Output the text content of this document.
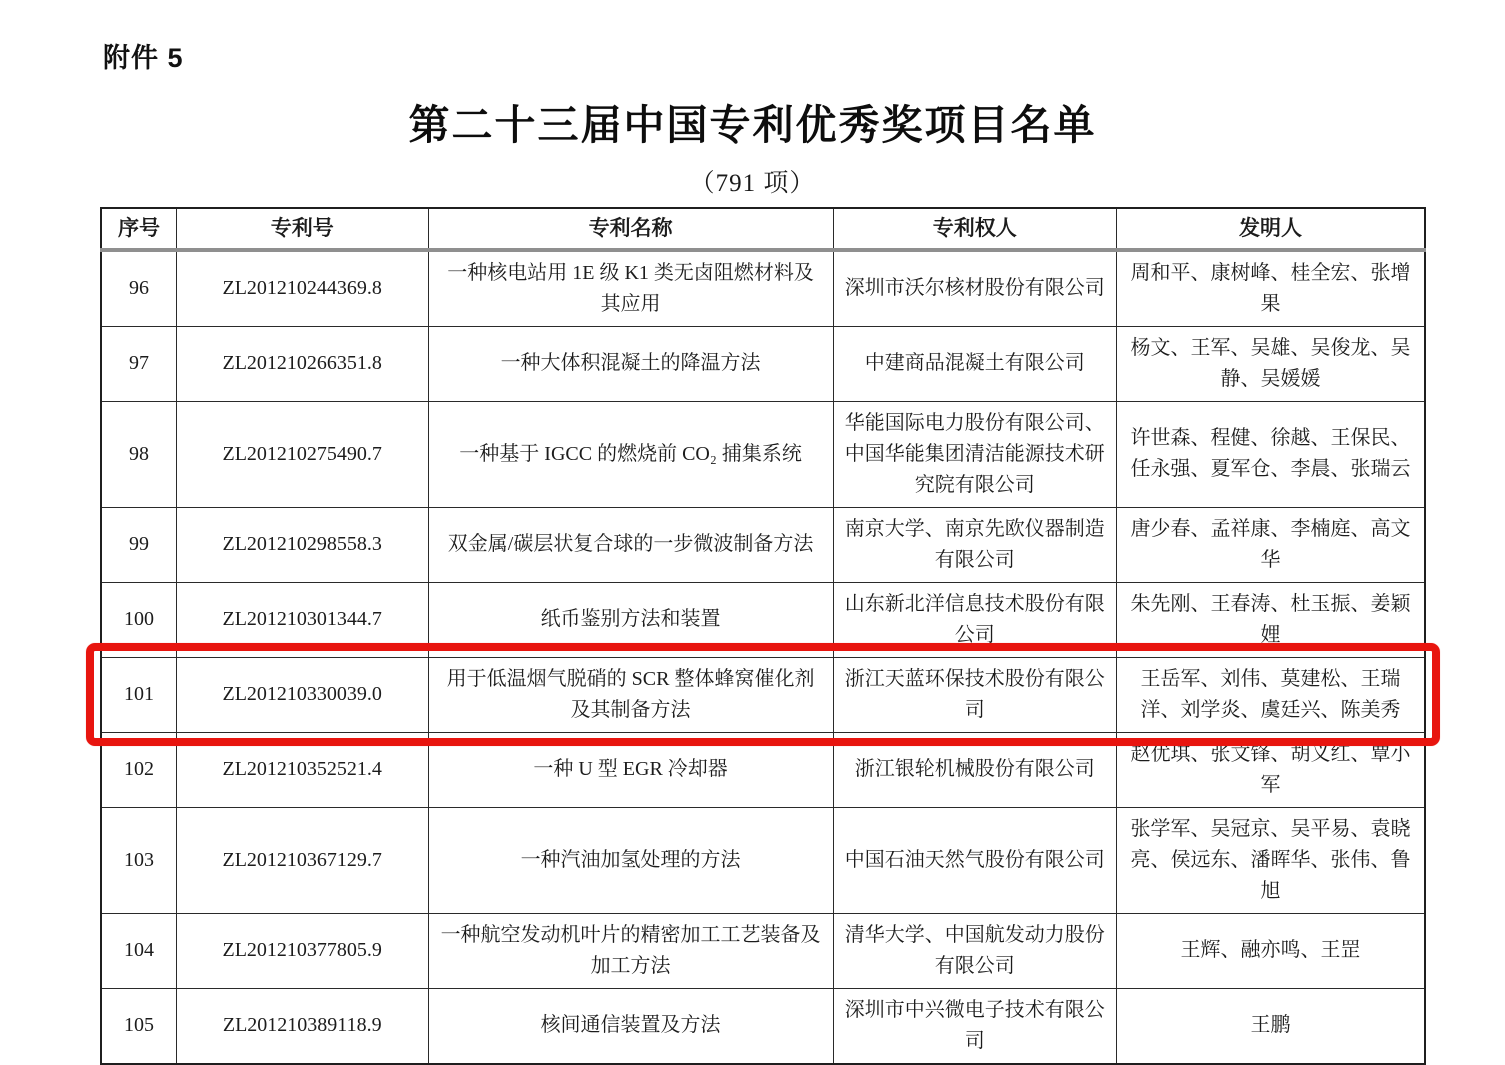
附件 5
第二十三届中国专利优秀奖项目名单
（791 项）
序号	专利号	专利名称	专利权人	发明人
96	ZL201210244369.8	一种核电站用 1E 级 K1 类无卤阻燃材料及其应用	深圳市沃尔核材股份有限公司	周和平、康树峰、桂全宏、张增果
97	ZL201210266351.8	一种大体积混凝土的降温方法	中建商品混凝土有限公司	杨文、王军、吴雄、吴俊龙、吴静、吴媛媛
98	ZL201210275490.7	一种基于 IGCC 的燃烧前 CO₂ 捕集系统	华能国际电力股份有限公司、中国华能集团清洁能源技术研究院有限公司	许世森、程健、徐越、王保民、任永强、夏军仓、李晨、张瑞云
99	ZL201210298558.3	双金属/碳层状复合球的一步微波制备方法	南京大学、南京先欧仪器制造有限公司	唐少春、孟祥康、李楠庭、高文华
100	ZL201210301344.7	纸币鉴别方法和装置	山东新北洋信息技术股份有限公司	朱先刚、王春涛、杜玉振、姜颖娌
101	ZL201210330039.0	用于低温烟气脱硝的 SCR 整体蜂窝催化剂及其制备方法	浙江天蓝环保技术股份有限公司	王岳军、刘伟、莫建松、王瑞洋、刘学炎、虞廷兴、陈美秀
102	ZL201210352521.4	一种 U 型 EGR 冷却器	浙江银轮机械股份有限公司	赵优琪、张文锋、胡义红、覃小军
103	ZL201210367129.7	一种汽油加氢处理的方法	中国石油天然气股份有限公司	张学军、吴冠京、吴平易、袁晓亮、侯远东、潘晖华、张伟、鲁旭
104	ZL201210377805.9	一种航空发动机叶片的精密加工工艺装备及加工方法	清华大学、中国航发动力股份有限公司	王辉、融亦鸣、王罡
105	ZL201210389118.9	核间通信装置及方法	深圳市中兴微电子技术有限公司	王鹏
